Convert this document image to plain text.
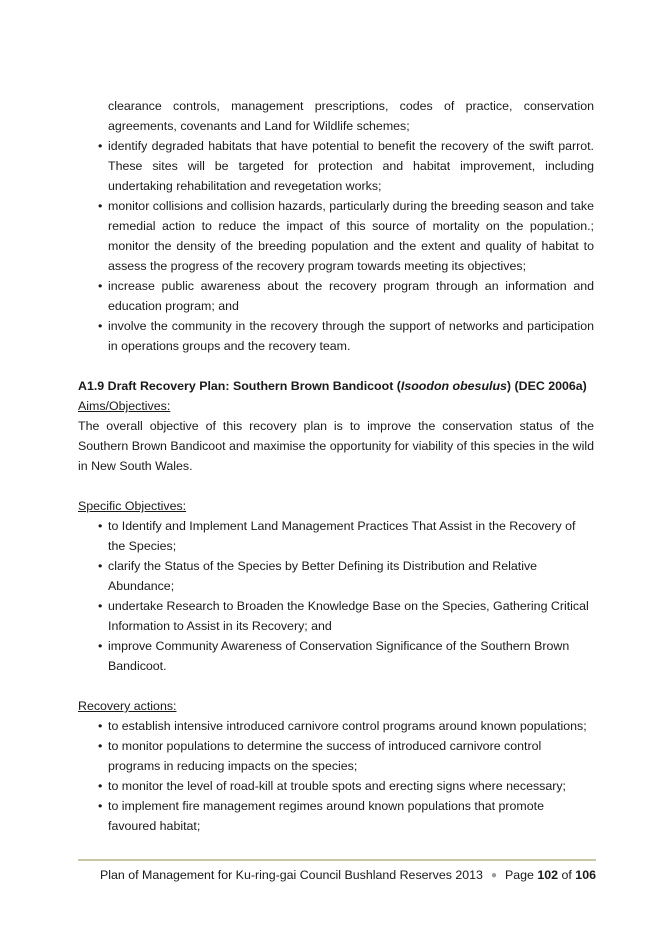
clearance controls, management prescriptions, codes of practice, conservation agreements, covenants and Land for Wildlife schemes;
• identify degraded habitats that have potential to benefit the recovery of the swift parrot. These sites will be targeted for protection and habitat improvement, including undertaking rehabilitation and revegetation works;
• monitor collisions and collision hazards, particularly during the breeding season and take remedial action to reduce the impact of this source of mortality on the population.; monitor the density of the breeding population and the extent and quality of habitat to assess the progress of the recovery program towards meeting its objectives;
• increase public awareness about the recovery program through an information and education program; and
• involve the community in the recovery through the support of networks and participation in operations groups and the recovery team.
A1.9 Draft Recovery Plan: Southern Brown Bandicoot (Isoodon obesulus) (DEC 2006a)
Aims/Objectives:
The overall objective of this recovery plan is to improve the conservation status of the Southern Brown Bandicoot and maximise the opportunity for viability of this species in the wild in New South Wales.
Specific Objectives:
• to Identify and Implement Land Management Practices That Assist in the Recovery of the Species;
• clarify the Status of the Species by Better Defining its Distribution and Relative Abundance;
• undertake Research to Broaden the Knowledge Base on the Species, Gathering Critical Information to Assist in its Recovery; and
• improve Community Awareness of Conservation Significance of the Southern Brown Bandicoot.
Recovery actions:
• to establish intensive introduced carnivore control programs around known populations;
• to monitor populations to determine the success of introduced carnivore control programs in reducing impacts on the species;
• to monitor the level of road-kill at trouble spots and erecting signs where necessary;
• to implement fire management regimes around known populations that promote favoured habitat;
Plan of Management for Ku-ring-gai Council Bushland Reserves 2013 ● Page 102 of 106
